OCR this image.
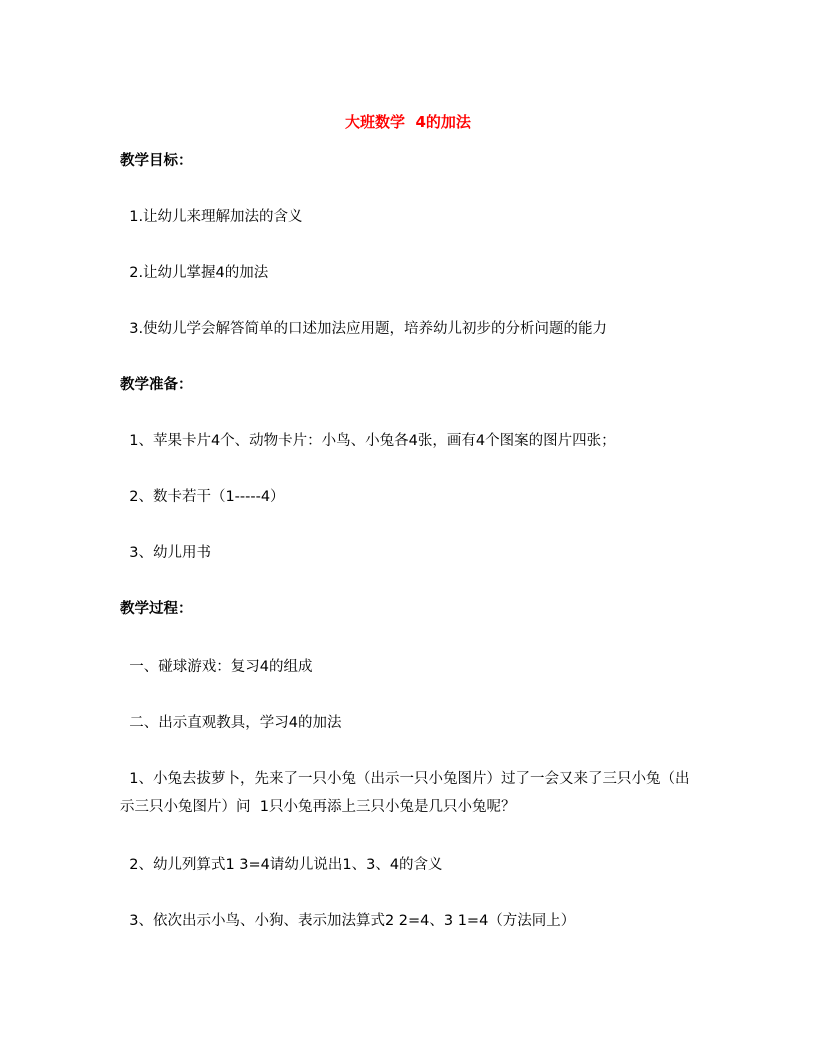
大班数学  4的加法
教学目标：
1.让幼儿来理解加法的含义
2.让幼儿掌握4的加法
3.使幼儿学会解答简单的口述加法应用题，培养幼儿初步的分析问题的能力
教学准备：
1、苹果卡片4个、动物卡片：小鸟、小兔各4张，画有4个图案的图片四张；
2、数卡若干（1-----4）
3、幼儿用书
教学过程：
一、碰球游戏：复习4的组成
二、出示直观教具，学习4的加法
1、小兔去拔萝卜，先来了一只小兔（出示一只小兔图片）过了一会又来了三只小兔（出示三只小兔图片）问  1只小兔再添上三只小兔是几只小兔呢？
2、幼儿列算式1 3=4请幼儿说出1、3、4的含义
3、依次出示小鸟、小狗、表示加法算式2 2=4、3 1=4（方法同上）
